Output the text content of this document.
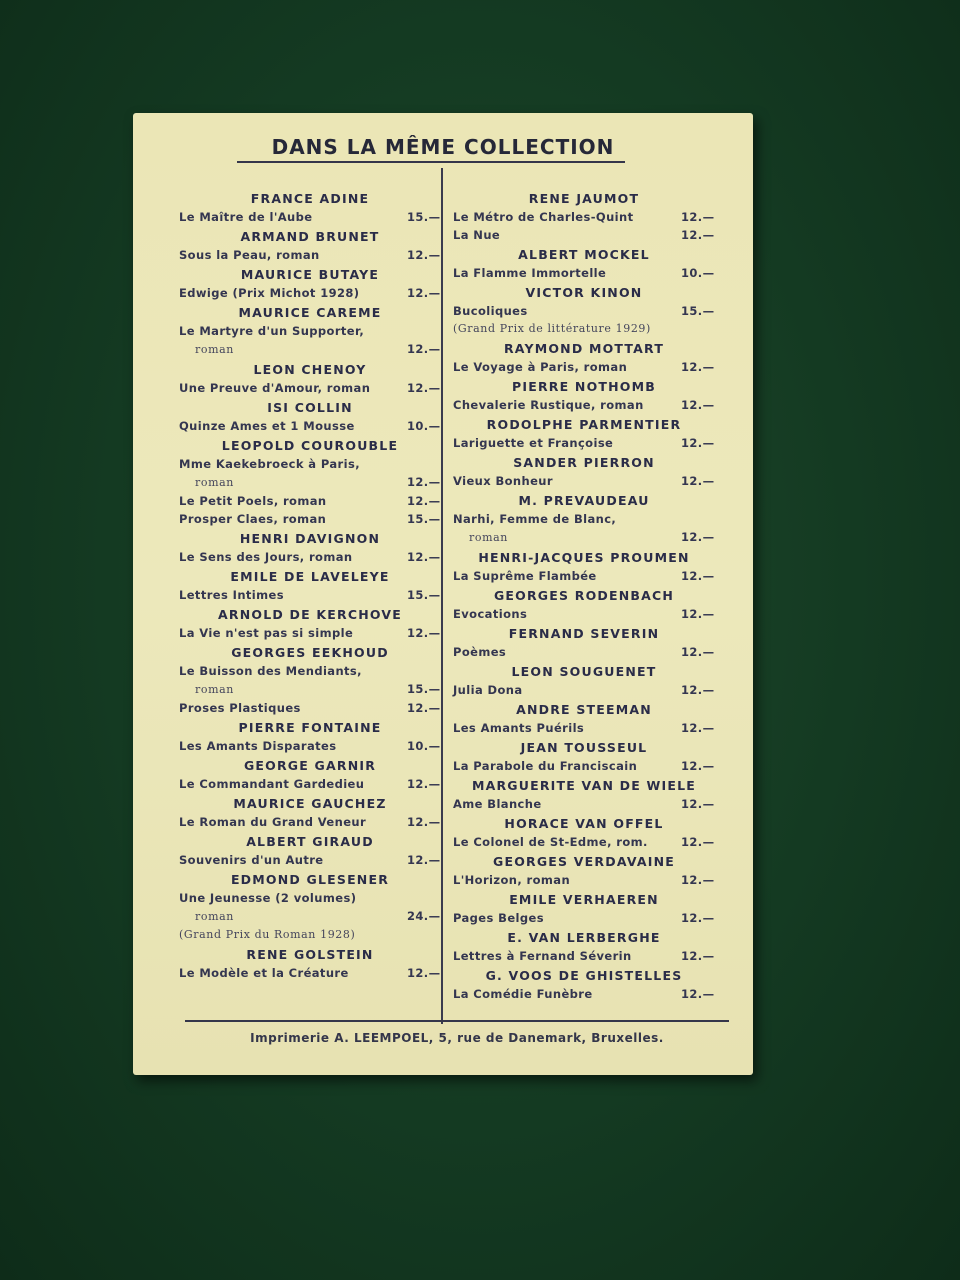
DANS LA MÊME COLLECTION
FRANCE ADINE
Le Maître de l'Aube	15.—
ARMAND BRUNET
Sous la Peau, roman	12.—
MAURICE BUTAYE
Edwige (Prix Michot 1928)	12.—
MAURICE CAREME
Le Martyre d'un Supporter,
roman	12.—
LEON CHENOY
Une Preuve d'Amour, roman	12.—
ISI COLLIN
Quinze Ames et 1 Mousse	10.—
LEOPOLD COUROUBLE
Mme Kaekebroeck à Paris,
roman	12.—
Le Petit Poels, roman	12.—
Prosper Claes, roman	15.—
HENRI DAVIGNON
Le Sens des Jours, roman	12.—
EMILE DE LAVELEYE
Lettres Intimes	15.—
ARNOLD DE KERCHOVE
La Vie n'est pas si simple	12.—
GEORGES EEKHOUD
Le Buisson des Mendiants,
roman	15.—
Proses Plastiques	12.—
PIERRE FONTAINE
Les Amants Disparates	10.—
GEORGE GARNIR
Le Commandant Gardedieu	12.—
MAURICE GAUCHEZ
Le Roman du Grand Veneur	12.—
ALBERT GIRAUD
Souvenirs d'un Autre	12.—
EDMOND GLESENER
Une Jeunesse (2 volumes)
roman	24.—
(Grand Prix du Roman 1928)
RENE GOLSTEIN
Le Modèle et la Créature	12.—
RENE JAUMOT
Le Métro de Charles-Quint	12.—
La Nue	12.—
ALBERT MOCKEL
La Flamme Immortelle	10.—
VICTOR KINON
Bucoliques	15.—
(Grand Prix de littérature 1929)
RAYMOND MOTTART
Le Voyage à Paris, roman	12.—
PIERRE NOTHOMB
Chevalerie Rustique, roman	12.—
RODOLPHE PARMENTIER
Lariguette et Françoise	12.—
SANDER PIERRON
Vieux Bonheur	12.—
M. PREVAUDEAU
Narhi, Femme de Blanc,
roman	12.—
HENRI-JACQUES PROUMEN
La Suprême Flambée	12.—
GEORGES RODENBACH
Evocations	12.—
FERNAND SEVERIN
Poèmes	12.—
LEON SOUGUENET
Julia Dona	12.—
ANDRE STEEMAN
Les Amants Puérils	12.—
JEAN TOUSSEUL
La Parabole du Franciscain	12.—
MARGUERITE VAN DE WIELE
Ame Blanche	12.—
HORACE VAN OFFEL
Le Colonel de St-Edme, rom.	12.—
GEORGES VERDAVAINE
L'Horizon, roman	12.—
EMILE VERHAEREN
Pages Belges	12.—
E. VAN LERBERGHE
Lettres à Fernand Séverin	12.—
G. VOOS DE GHISTELLES
La Comédie Funèbre	12.—
Imprimerie A. LEEMPOEL, 5, rue de Danemark, Bruxelles.
